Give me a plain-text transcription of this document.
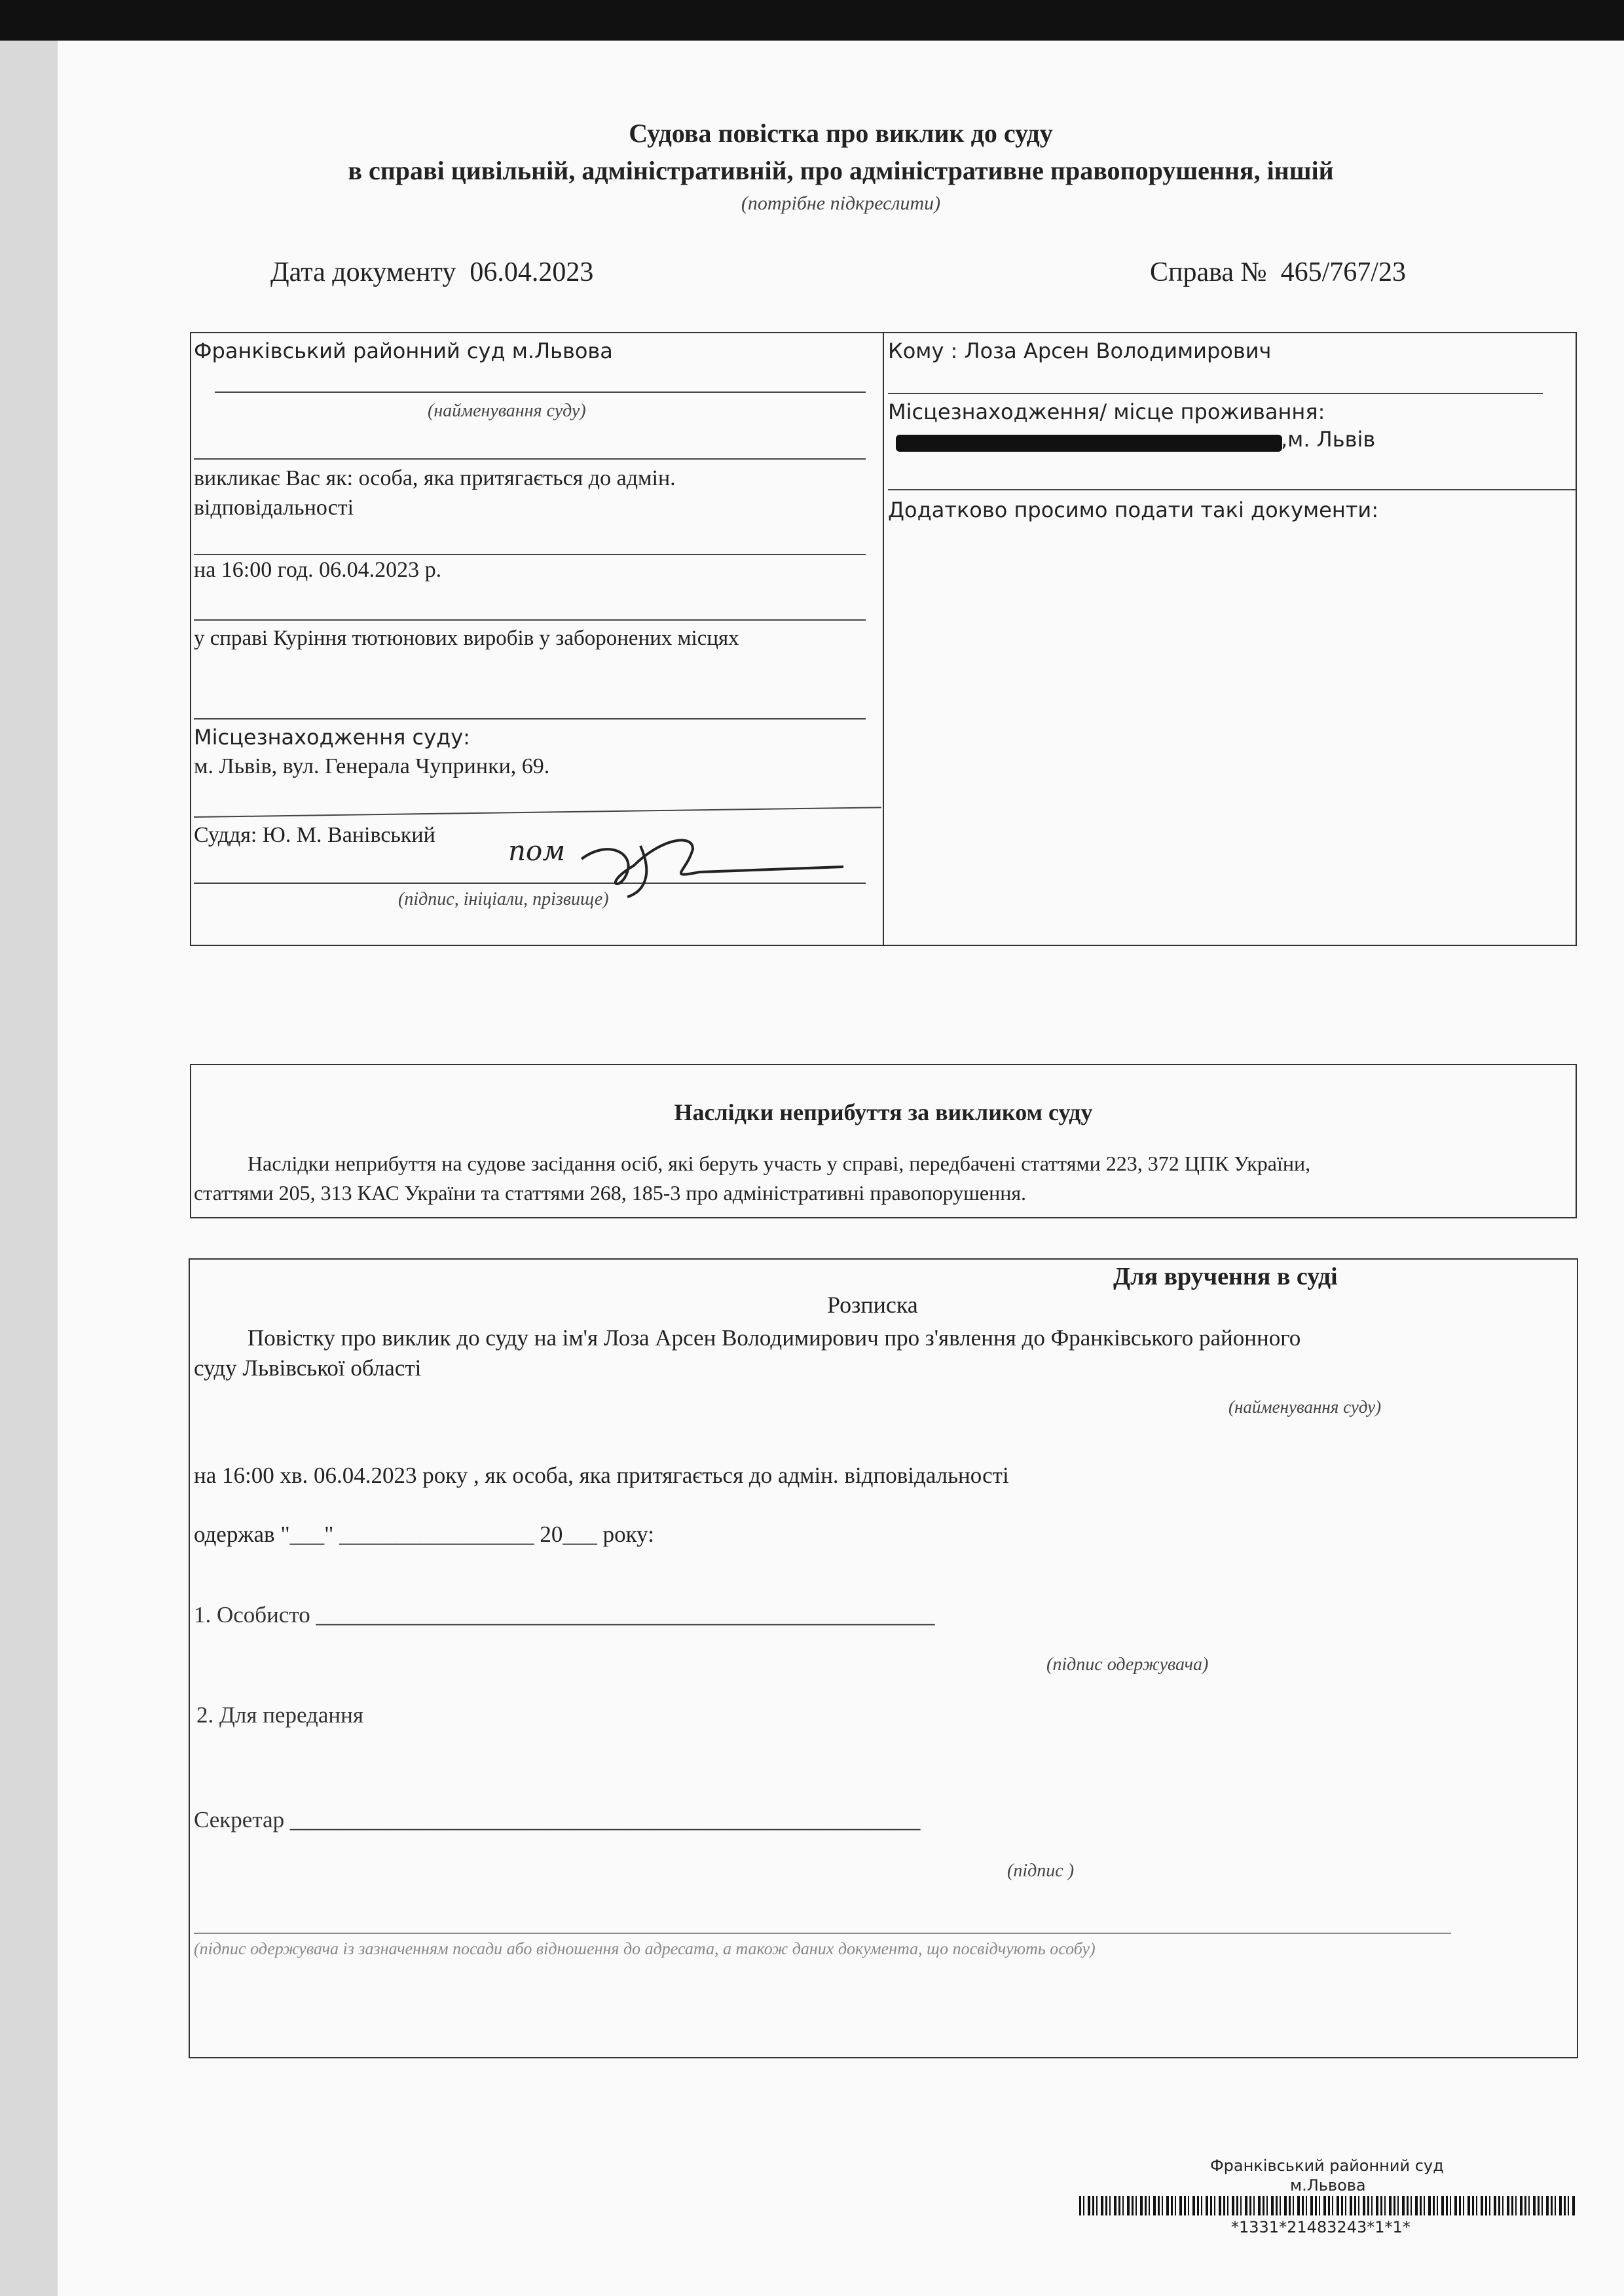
Судова повістка про виклик до суду
в справі цивільній, адміністративній, про адміністративне правопорушення, іншій
(потрібне підкреслити)
Дата документу 06.04.2023	Справа № 465/767/23
Франківський районний суд м.Львова
(найменування суду)
викликає Вас як: особа, яка притягається до адмін.
відповідальності
на 16:00 год. 06.04.2023 р.
у справі Куріння тютюнових виробів у заборонених місцях
Місцезнаходження суду:
м. Львів, вул. Генерала Чупринки, 69.
Суддя: Ю. М. Ванівський
(підпис, ініціали, прізвище)
пом
Кому : Лоза Арсен Володимирович
Місцезнаходження/ місце проживання:
,м. Львів
Додатково просимо подати такі документи:
Наслідки неприбуття за викликом суду
Наслідки неприбуття на судове засідання осіб, які беруть участь у справі, передбачені статтями 223, 372 ЦПК України,
статтями 205, 313 КАС України та статтями 268, 185-3 про адміністративні правопорушення.
Для вручення в суді
Розписка
Повістку про виклик до суду на ім'я Лоза Арсен Володимирович про з'явлення до Франківського районного
суду Львівської області
(найменування суду)
на 16:00 хв. 06.04.2023 року , як особа, яка притягається до адмін. відповідальності
одержав "___" _________________ 20___ року:
1. Особисто ______________________________________________________
(підпис одержувача)
2. Для передання
Секретар _______________________________________________________
(підпис )
(підпис одержувача із зазначенням посади або відношення до адресата, а також даних документа, що посвідчують особу)
Франківський районний суд
м.Львова
*1331*21483243*1*1*
